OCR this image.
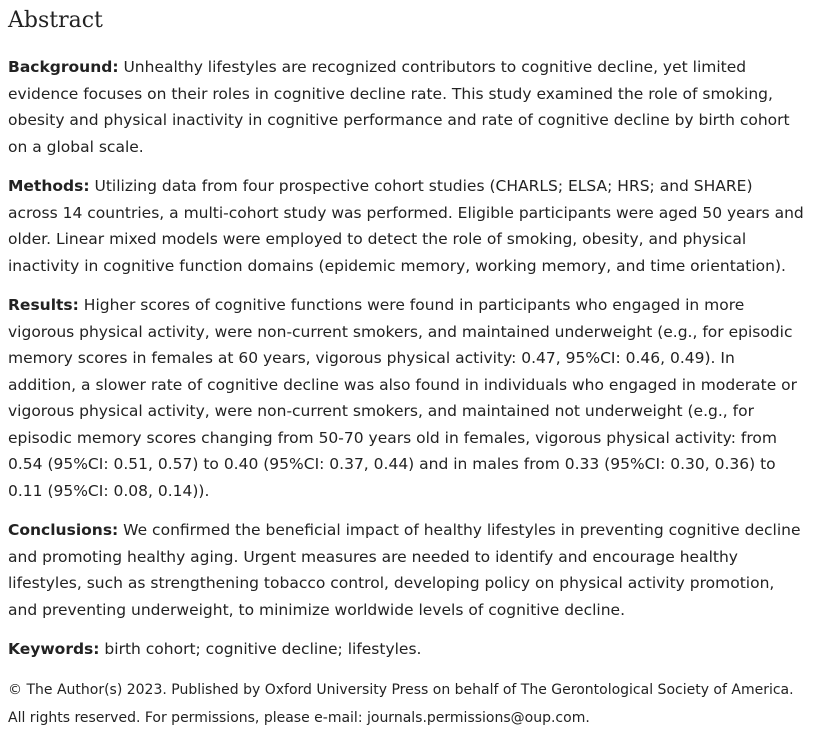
Abstract

Background: Unhealthy lifestyles are recognized contributors to cognitive decline, yet limited evidence focuses on their roles in cognitive decline rate. This study examined the role of smoking, obesity and physical inactivity in cognitive performance and rate of cognitive decline by birth cohort on a global scale.

Methods: Utilizing data from four prospective cohort studies (CHARLS; ELSA; HRS; and SHARE) across 14 countries, a multi-cohort study was performed. Eligible participants were aged 50 years and older. Linear mixed models were employed to detect the role of smoking, obesity, and physical inactivity in cognitive function domains (epidemic memory, working memory, and time orientation).

Results: Higher scores of cognitive functions were found in participants who engaged in more vigorous physical activity, were non-current smokers, and maintained underweight (e.g., for episodic memory scores in females at 60 years, vigorous physical activity: 0.47, 95%CI: 0.46, 0.49). In addition, a slower rate of cognitive decline was also found in individuals who engaged in moderate or vigorous physical activity, were non-current smokers, and maintained not underweight (e.g., for episodic memory scores changing from 50-70 years old in females, vigorous physical activity: from 0.54 (95%CI: 0.51, 0.57) to 0.40 (95%CI: 0.37, 0.44) and in males from 0.33 (95%CI: 0.30, 0.36) to 0.11 (95%CI: 0.08, 0.14)).

Conclusions: We confirmed the beneficial impact of healthy lifestyles in preventing cognitive decline and promoting healthy aging. Urgent measures are needed to identify and encourage healthy lifestyles, such as strengthening tobacco control, developing policy on physical activity promotion, and preventing underweight, to minimize worldwide levels of cognitive decline.

Keywords: birth cohort; cognitive decline; lifestyles.

© The Author(s) 2023. Published by Oxford University Press on behalf of The Gerontological Society of America. All rights reserved. For permissions, please e-mail: journals.permissions@oup.com.
